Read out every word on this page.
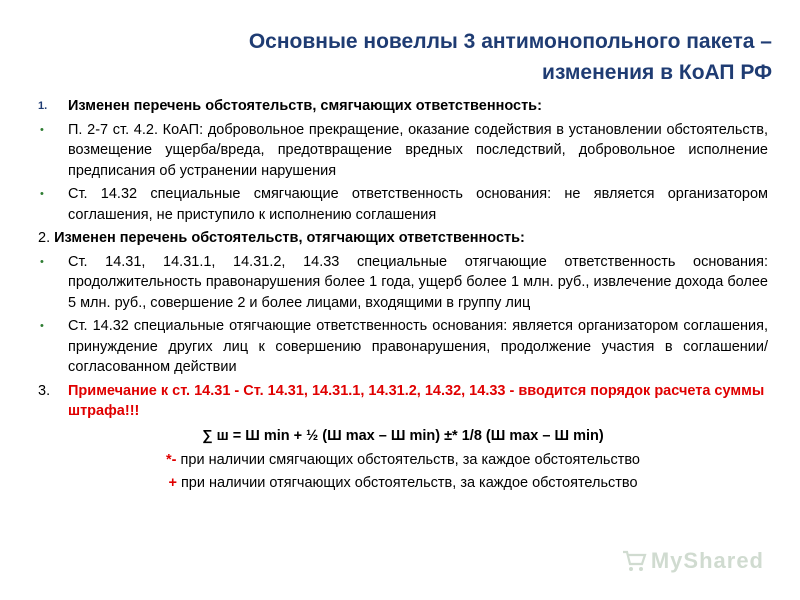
Основные новеллы 3 антимонопольного пакета –
изменения в КоАП РФ
1.	Изменен перечень обстоятельств, смягчающих ответственность:
•	П. 2-7 ст. 4.2. КоАП: добровольное прекращение, оказание содействия в установлении обстоятельств, возмещение ущерба/вреда, предотвращение вредных последствий, добровольное исполнение предписания об устранении нарушения
•	Ст. 14.32 специальные смягчающие ответственность основания: не является организатором соглашения, не приступило к исполнению соглашения
2. Изменен перечень обстоятельств, отягчающих ответственность:
•	Ст. 14.31, 14.31.1, 14.31.2, 14.33 специальные отягчающие ответственность основания: продолжительность правонарушения более 1 года, ущерб более 1 млн. руб., извлечение дохода более 5 млн. руб., совершение 2 и более лицами, входящими в группу лиц
•	Ст. 14.32 специальные отягчающие ответственность основания: является организатором соглашения, принуждение других лиц к совершению правонарушения, продолжение участия в соглашении/согласованном действии
3.	Примечание к ст. 14.31 - Ст. 14.31, 14.31.1, 14.31.2, 14.32, 14.33 - вводится порядок расчета суммы штрафа!!!
∑ ш = Ш min + ½ (Ш max – Ш min) ±* 1/8 (Ш max – Ш min)
*- при наличии смягчающих обстоятельств, за каждое обстоятельство
+ при наличии отягчающих обстоятельств, за каждое обстоятельство
MyShared
